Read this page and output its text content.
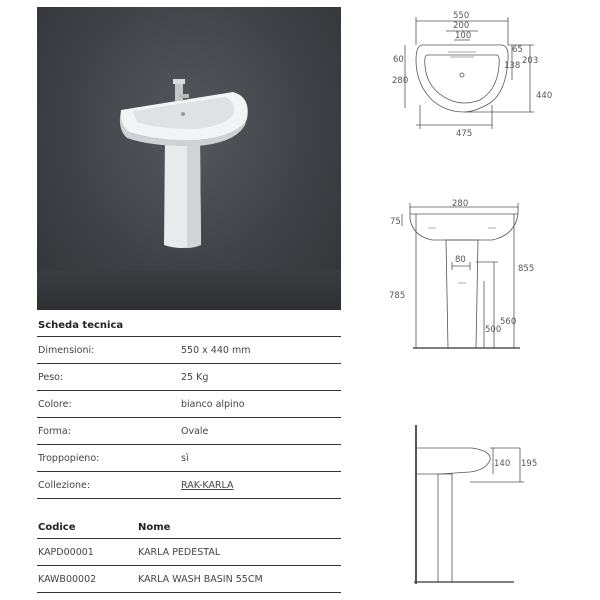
Scheda tecnica
Dimensioni:	550 x 440 mm
Peso:	25 Kg
Colore:	bianco alpino
Forma:	Ovale
Troppopieno:	sì
Collezione:	RAK-KARLA
Codice	Nome
KAPD00001	KARLA PEDESTAL
KAWB00002	KARLA WASH BASIN 55CM
550
200
100
60
65
203
138
280
440
475
280
75
80
855
785
560
500
140 195
